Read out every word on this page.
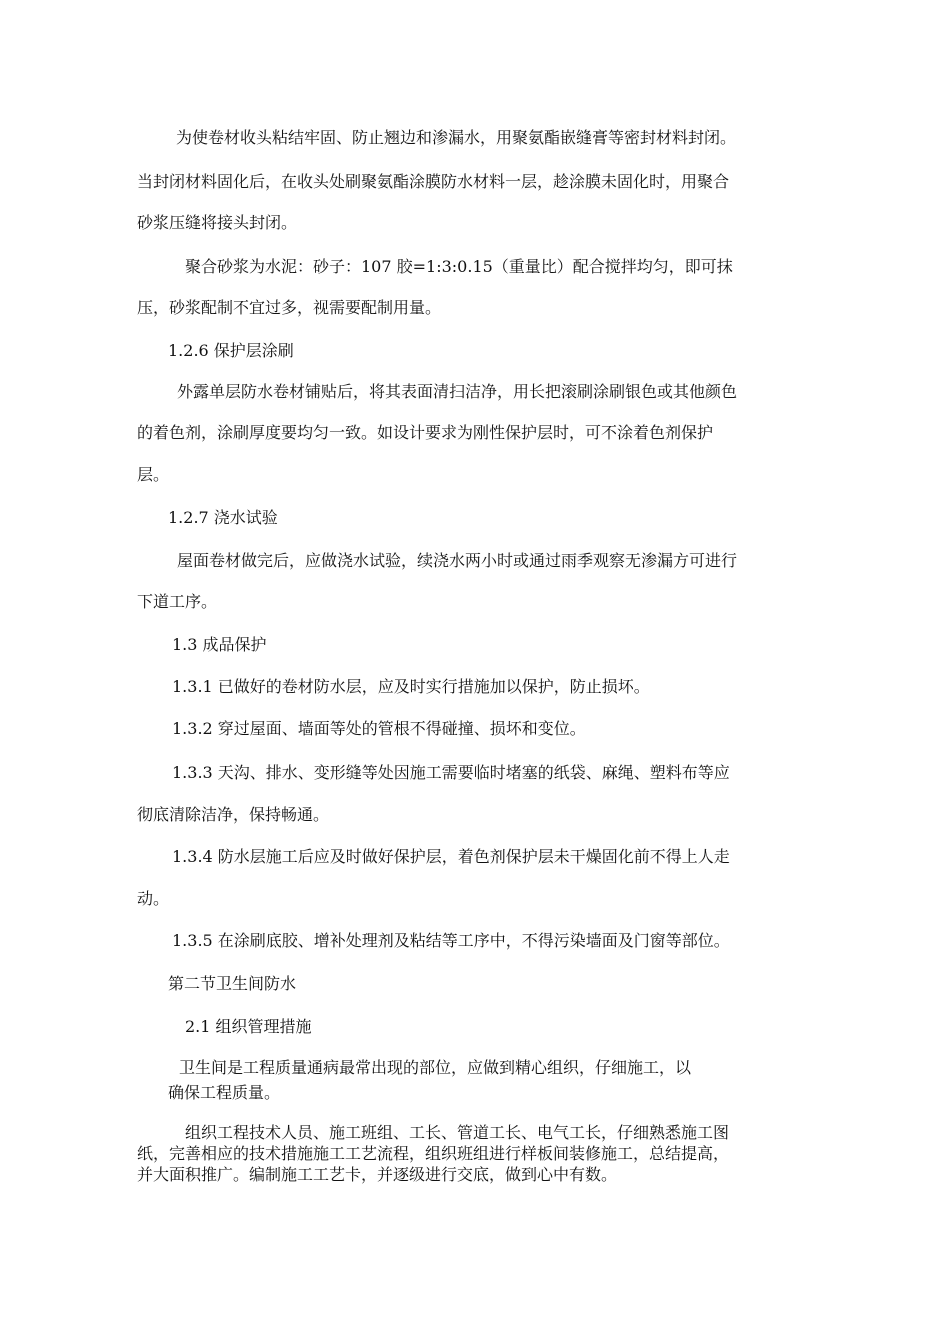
为使卷材收头粘结牢固、防止翘边和渗漏水，用聚氨酯嵌缝膏等密封材料封闭。
当封闭材料固化后，在收头处刷聚氨酯涂膜防水材料一层，趁涂膜未固化时，用聚合
砂浆压缝将接头封闭。
聚合砂浆为水泥：砂子：107 胶=1:3:0.15（重量比）配合搅拌均匀，即可抹
压，砂浆配制不宜过多，视需要配制用量。
1.2.6 保护层涂刷
外露单层防水卷材铺贴后，将其表面清扫洁净，用长把滚刷涂刷银色或其他颜色
的着色剂，涂刷厚度要均匀一致。如设计要求为刚性保护层时，可不涂着色剂保护
层。
1.2.7 浇水试验
屋面卷材做完后，应做浇水试验，续浇水两小时或通过雨季观察无渗漏方可进行
下道工序。
1.3 成品保护
1.3.1 已做好的卷材防水层，应及时实行措施加以保护，防止损坏。
1.3.2 穿过屋面、墙面等处的管根不得碰撞、损坏和变位。
1.3.3 天沟、排水、变形缝等处因施工需要临时堵塞的纸袋、麻绳、塑料布等应
彻底清除洁净，保持畅通。
1.3.4 防水层施工后应及时做好保护层，着色剂保护层未干燥固化前不得上人走
动。
1.3.5 在涂刷底胶、增补处理剂及粘结等工序中，不得污染墙面及门窗等部位。
第二节卫生间防水
2.1 组织管理措施
卫生间是工程质量通病最常出现的部位，应做到精心组织，仔细施工，以
确保工程质量。
组织工程技术人员、施工班组、工长、管道工长、电气工长，仔细熟悉施工图
纸，完善相应的技术措施施工工艺流程，组织班组进行样板间装修施工，总结提高，
并大面积推广。编制施工工艺卡，并逐级进行交底，做到心中有数。
